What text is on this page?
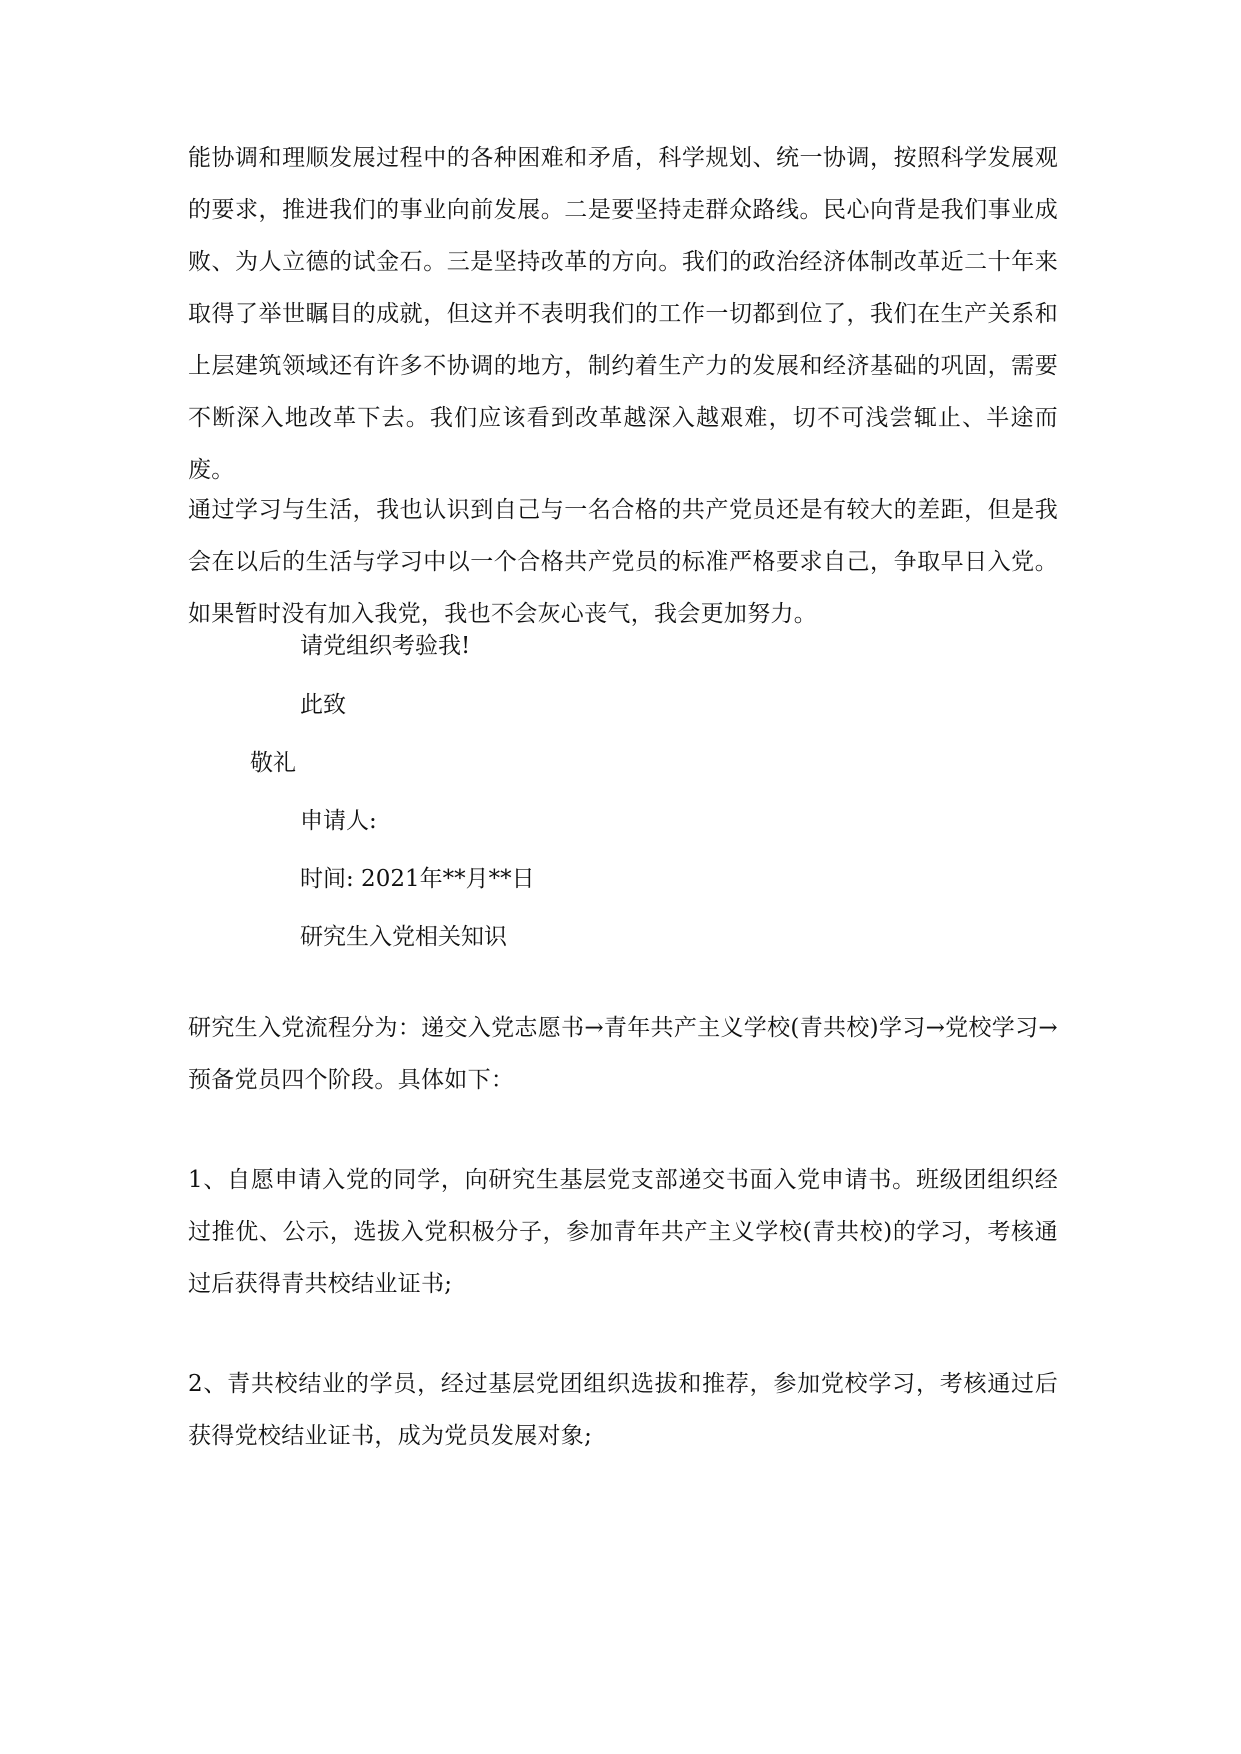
能协调和理顺发展过程中的各种困难和矛盾，科学规划、统一协调，按照科学发展观的要求，推进我们的事业向前发展。二是要坚持走群众路线。民心向背是我们事业成败、为人立德的试金石。三是坚持改革的方向。我们的政治经济体制改革近二十年来取得了举世瞩目的成就，但这并不表明我们的工作一切都到位了，我们在生产关系和上层建筑领域还有许多不协调的地方，制约着生产力的发展和经济基础的巩固，需要不断深入地改革下去。我们应该看到改革越深入越艰难，切不可浅尝辄止、半途而废。

通过学习与生活，我也认识到自己与一名合格的共产党员还是有较大的差距，但是我会在以后的生活与学习中以一个合格共产党员的标准严格要求自己，争取早日入党。如果暂时没有加入我党，我也不会灰心丧气，我会更加努力。

请党组织考验我!

此致

敬礼

申请人:

时间: 2021年**月**日

研究生入党相关知识

研究生入党流程分为：递交入党志愿书→青年共产主义学校(青共校)学习→党校学习→预备党员四个阶段。具体如下：

1、自愿申请入党的同学，向研究生基层党支部递交书面入党申请书。班级团组织经过推优、公示，选拔入党积极分子，参加青年共产主义学校(青共校)的学习，考核通过后获得青共校结业证书;

2、青共校结业的学员，经过基层党团组织选拔和推荐，参加党校学习，考核通过后获得党校结业证书，成为党员发展对象;
